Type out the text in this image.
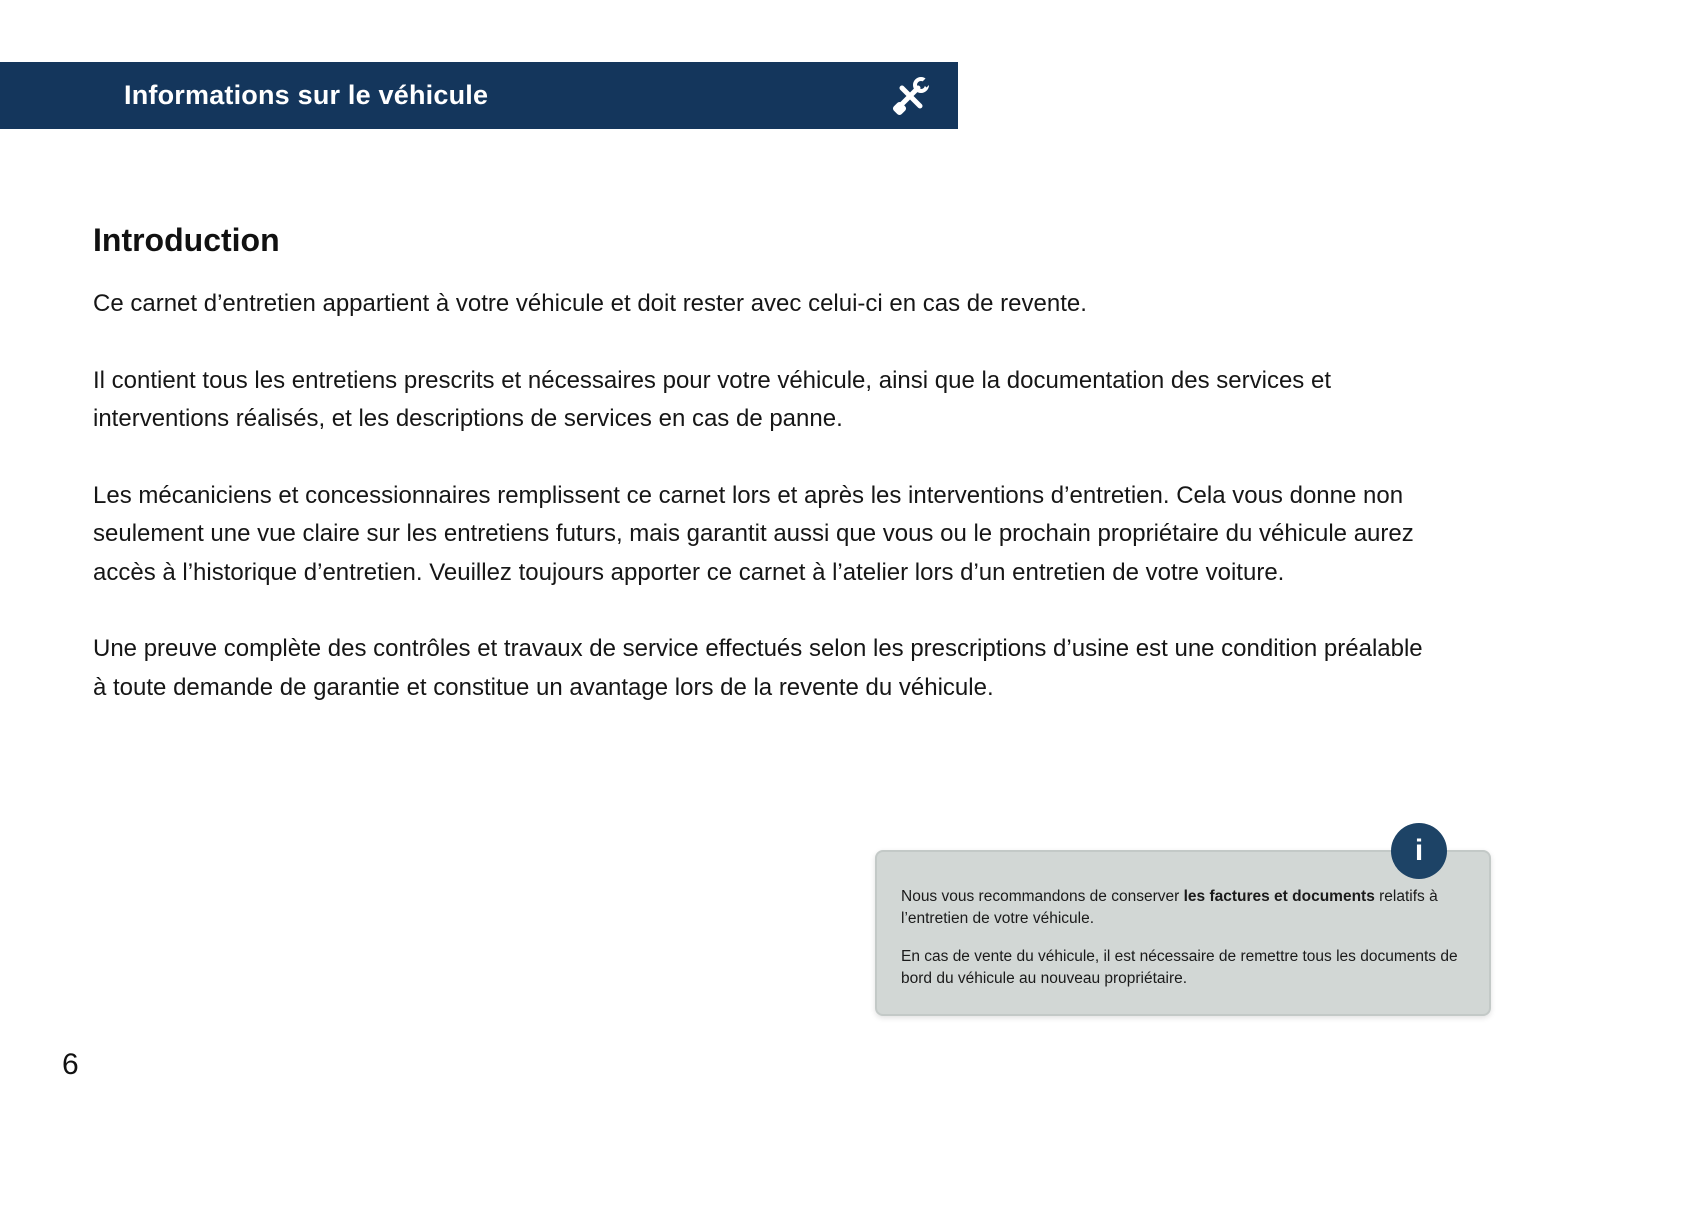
Informations sur le véhicule
Introduction

Ce carnet d’entretien appartient à votre véhicule et doit rester avec celui-ci en cas de revente.

Il contient tous les entretiens prescrits et nécessaires pour votre véhicule, ainsi que la documentation des services et interventions réalisés, et les descriptions de services en cas de panne.

Les mécaniciens et concessionnaires remplissent ce carnet lors et après les interventions d’entretien. Cela vous donne non seulement une vue claire sur les entretiens futurs, mais garantit aussi que vous ou le prochain propriétaire du véhicule aurez accès à l’historique d’entretien. Veuillez toujours apporter ce carnet à l’atelier lors d’un entretien de votre voiture.

Une preuve complète des contrôles et travaux de service effectués selon les prescriptions d’usine est une condition préalable à toute demande de garantie et constitue un avantage lors de la revente du véhicule.

i

Nous vous recommandons de conserver les factures et documents relatifs à l’entretien de votre véhicule.

En cas de vente du véhicule, il est nécessaire de remettre tous les documents de bord du véhicule au nouveau propriétaire.

6
